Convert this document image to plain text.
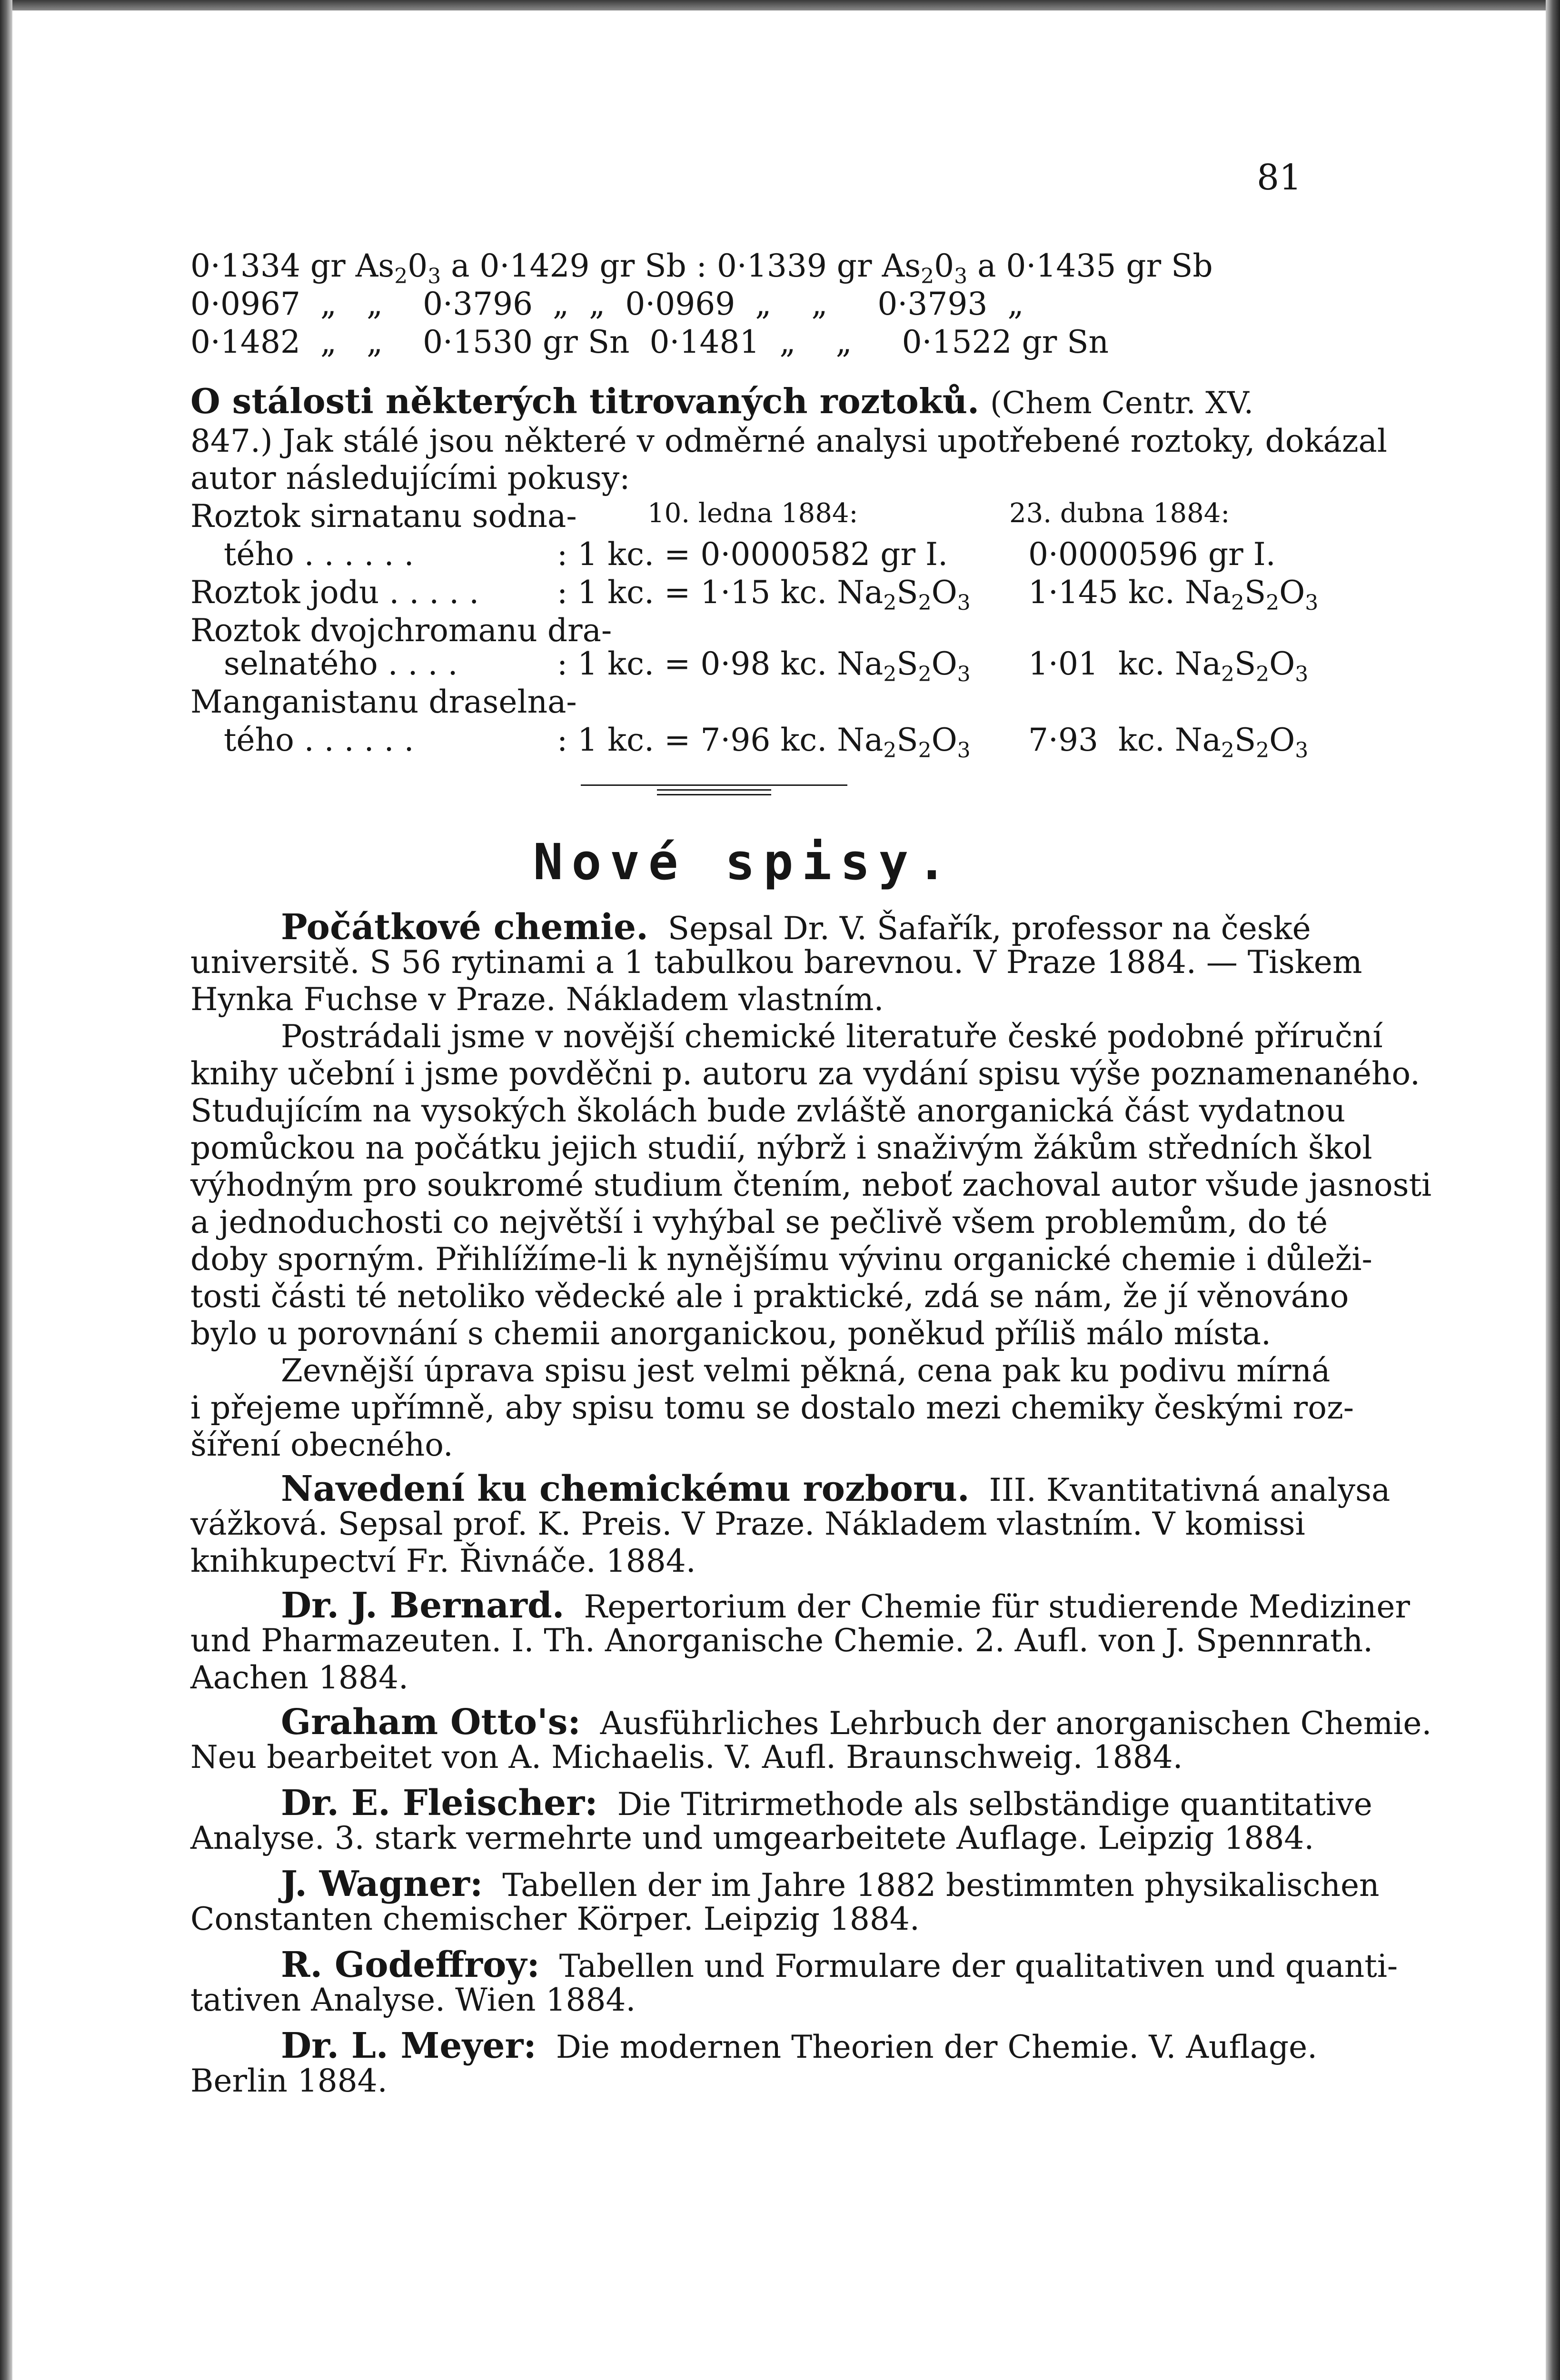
81
0·1334 gr $As_20_3$ a 0·1429 gr Sb : 0·1339 gr $As_20_3$ a 0·1435 gr Sb
0·0967  „   „    0·3796  „  „  0·0969  „    „     0·3793  „
0·1482  „   „    0·1530 gr Sn  0·1481  „    „     0·1522 gr Sn
O stálosti některých titrovaných roztoků. (Chem Centr. XV.
847.) Jak stálé jsou některé v odměrné analysi upotřebené roztoky, dokázal
autor následujícími pokusy:
10. ledna 1884:	23. dubna 1884:
Roztok sirnatanu sodna-
tého . . . . . .	: 1 kc. = 0·0000582 gr I.	0·0000596 gr I.
Roztok jodu . . . . . : 1 kc. = 1·15 kc. $Na_2S_2O_3$ 1·145 kc. $Na_2S_2O_3$
Roztok dvojchromanu dra-
selnatého . . . .	: 1 kc. = 0·98 kc. $Na_2S_2O_3$ 1·01  kc. $Na_2S_2O_3$
Manganistanu draselna-
tého . . . . . .	: 1 kc. = 7·96 kc. $Na_2S_2O_3$ 7·93  kc. $Na_2S_2O_3$
Nové spisy.
Počátkové chemie. Sepsal Dr. V. Šafařík, professor na české
universitě. S 56 rytinami a 1 tabulkou barevnou. V Praze 1884. — Tiskem
Hynka Fuchse v Praze. Nákladem vlastním.
Postrádali jsme v novější chemické literatuře české podobné příruční
knihy učební i jsme povděčni p. autoru za vydání spisu výše poznamenaného.
Studujícím na vysokých školách bude zvláště anorganická část vydatnou
pomůckou na počátku jejich studií, nýbrž i snaživým žákům středních škol
výhodným pro soukromé studium čtením, neboť zachoval autor všude jasnosti
a jednoduchosti co největší i vyhýbal se pečlivě všem problemům, do té
doby sporným. Přihlížíme-li k nynějšímu vývinu organické chemie i důleži-
tosti části té netoliko vědecké ale i praktické, zdá se nám, že jí věnováno
bylo u porovnání s chemii anorganickou, poněkud příliš málo místa.
Zevnější úprava spisu jest velmi pěkná, cena pak ku podivu mírná
i přejeme upřímně, aby spisu tomu se dostalo mezi chemiky českými roz-
šíření obecného.
Navedení ku chemickému rozboru. III. Kvantitativná analysa
vážková. Sepsal prof. K. Preis. V Praze. Nákladem vlastním. V komissi
knihkupectví Fr. Řivnáče. 1884.
Dr. J. Bernard. Repertorium der Chemie für studierende Mediziner
und Pharmazeuten. I. Th. Anorganische Chemie. 2. Aufl. von J. Spennrath.
Aachen 1884.
Graham Otto's: Ausführliches Lehrbuch der anorganischen Chemie.
Neu bearbeitet von A. Michaelis. V. Aufl. Braunschweig. 1884.
Dr. E. Fleischer: Die Titrirmethode als selbständige quantitative
Analyse. 3. stark vermehrte und umgearbeitete Auflage. Leipzig 1884.
J. Wagner: Tabellen der im Jahre 1882 bestimmten physikalischen
Constanten chemischer Körper. Leipzig 1884.
R. Godeffroy: Tabellen und Formulare der qualitativen und quanti-
tativen Analyse. Wien 1884.
Dr. L. Meyer: Die modernen Theorien der Chemie. V. Auflage.
Berlin 1884.
